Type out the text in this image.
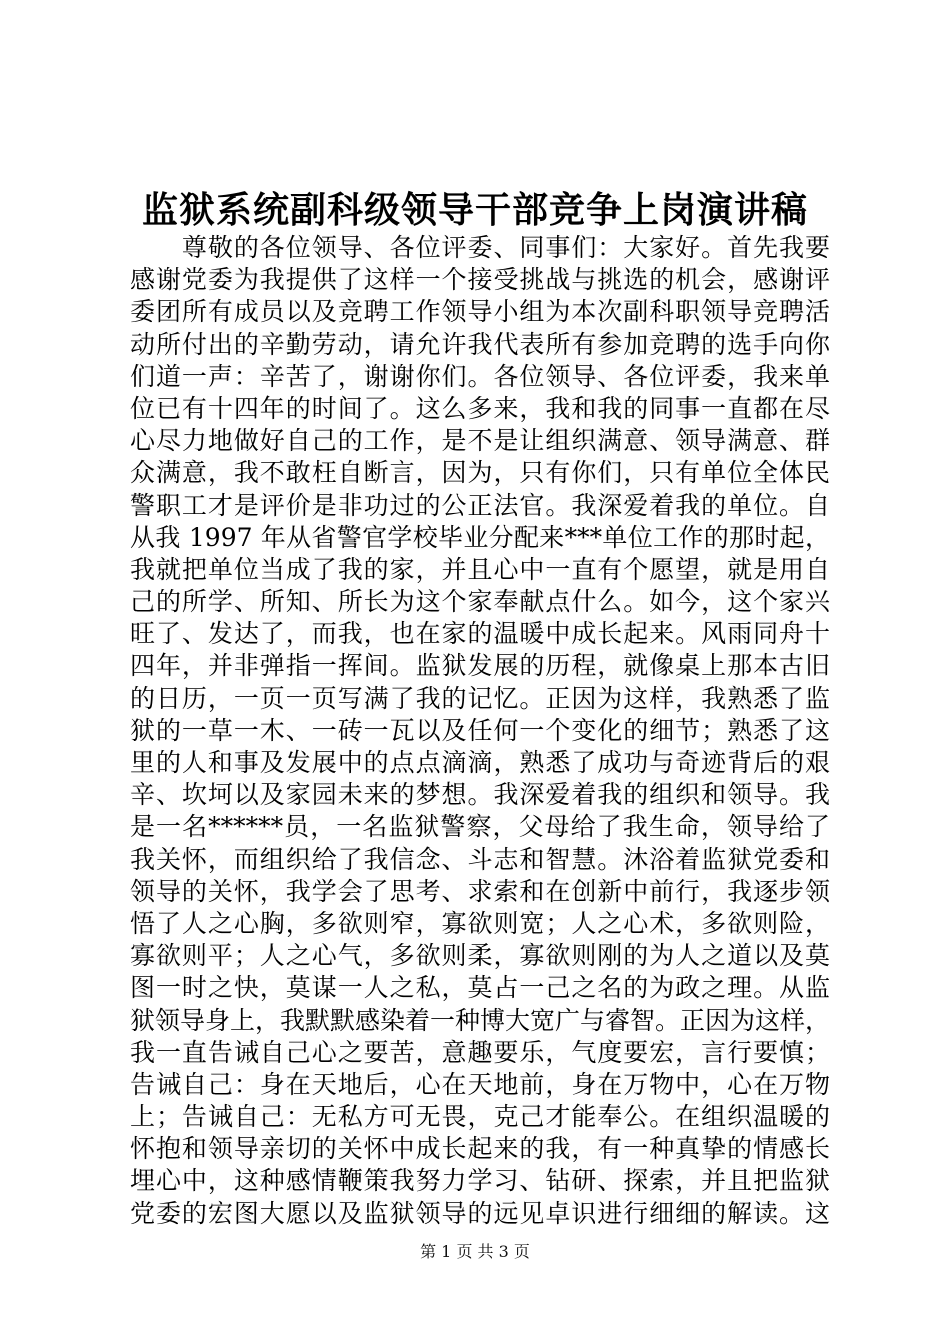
监狱系统副科级领导干部竞争上岗演讲稿
　　尊敬的各位领导、各位评委、同事们：大家好。首先我要
感谢党委为我提供了这样一个接受挑战与挑选的机会，感谢评
委团所有成员以及竞聘工作领导小组为本次副科职领导竞聘活
动所付出的辛勤劳动，请允许我代表所有参加竞聘的选手向你
们道一声：辛苦了，谢谢你们。各位领导、各位评委，我来单
位已有十四年的时间了。这么多来，我和我的同事一直都在尽
心尽力地做好自己的工作，是不是让组织满意、领导满意、群
众满意，我不敢枉自断言，因为，只有你们，只有单位全体民
警职工才是评价是非功过的公正法官。我深爱着我的单位。自
从我 1997 年从省警官学校毕业分配来***单位工作的那时起，
我就把单位当成了我的家，并且心中一直有个愿望，就是用自
己的所学、所知、所长为这个家奉献点什么。如今，这个家兴
旺了、发达了，而我，也在家的温暖中成长起来。风雨同舟十
四年，并非弹指一挥间。监狱发展的历程，就像桌上那本古旧
的日历，一页一页写满了我的记忆。正因为这样，我熟悉了监
狱的一草一木、一砖一瓦以及任何一个变化的细节；熟悉了这
里的人和事及发展中的点点滴滴，熟悉了成功与奇迹背后的艰
辛、坎坷以及家园未来的梦想。我深爱着我的组织和领导。我
是一名******员，一名监狱警察，父母给了我生命，领导给了
我关怀，而组织给了我信念、斗志和智慧。沐浴着监狱党委和
领导的关怀，我学会了思考、求索和在创新中前行，我逐步领
悟了人之心胸，多欲则窄，寡欲则宽；人之心术，多欲则险，
寡欲则平；人之心气，多欲则柔，寡欲则刚的为人之道以及莫
图一时之快，莫谋一人之私，莫占一己之名的为政之理。从监
狱领导身上，我默默感染着一种博大宽广与睿智。正因为这样，
我一直告诫自己心之要苦，意趣要乐，气度要宏，言行要慎；
告诫自己：身在天地后，心在天地前，身在万物中，心在万物
上；告诫自己：无私方可无畏，克己才能奉公。在组织温暖的
怀抱和领导亲切的关怀中成长起来的我，有一种真挚的情感长
埋心中，这种感情鞭策我努力学习、钻研、探索，并且把监狱
党委的宏图大愿以及监狱领导的远见卓识进行细细的解读。这
第 1 页 共 3 页
